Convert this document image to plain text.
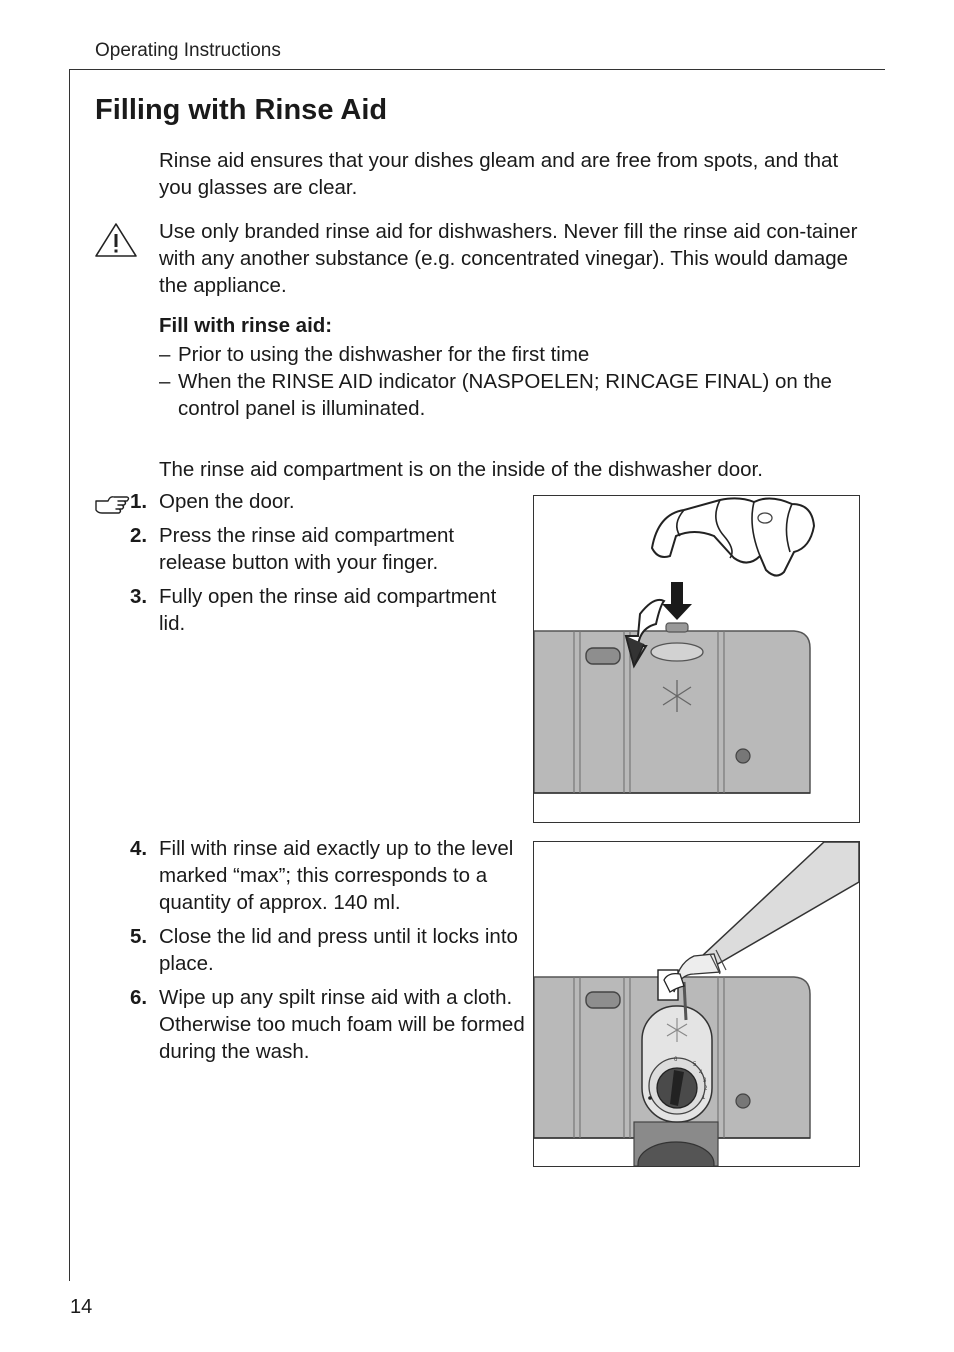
Operating Instructions
Filling with Rinse Aid

Rinse aid ensures that your dishes gleam and are free from spots, and that you glasses are clear.

Use only branded rinse aid for dishwashers. Never fill the rinse aid con-tainer with any another substance (e.g. concentrated vinegar). This would damage the appliance.

Fill with rinse aid:
– Prior to using the dishwasher for the first time
– When the RINSE AID indicator (NASPOELEN; RINCAGE FINAL) on the control panel is illuminated.

The rinse aid compartment is on the inside of the dishwasher door.

1. Open the door.
2. Press the rinse aid compartment release button with your finger.
3. Fully open the rinse aid compartment lid.
4. Fill with rinse aid exactly up to the level marked “max”; this corresponds to a quantity of approx. 140 ml.
5. Close the lid and press until it locks into place.
6. Wipe up any spilt rinse aid with a cloth. Otherwise too much foam will be formed during the wash.	6
5
4
3
2
1
14
